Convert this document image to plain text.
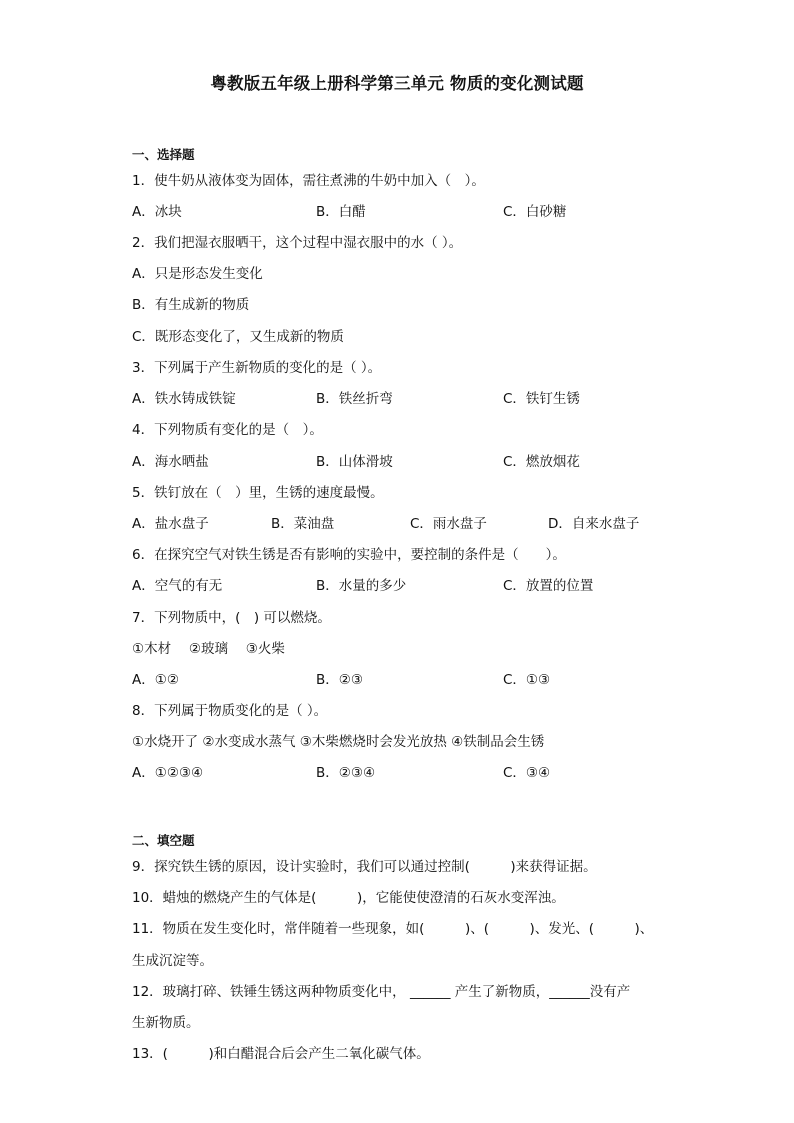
粤教版五年级上册科学第三单元 物质的变化测试题
一、选择题
1．使牛奶从液体变为固体，需往煮沸的牛奶中加入（　）。
A．冰块	B．白醋	C．白砂糖
2．我们把湿衣服晒干，这个过程中湿衣服中的水（ ）。
A．只是形态发生变化
B．有生成新的物质
C．既形态变化了，又生成新的物质
3．下列属于产生新物质的变化的是（ ）。
A．铁水铸成铁锭	B．铁丝折弯	C．铁钉生锈
4．下列物质有变化的是（　）。
A．海水晒盐	B．山体滑坡	C．燃放烟花
5．铁钉放在（　）里，生锈的速度最慢。
A．盐水盘子	B．菜油盘	C．雨水盘子	D．自来水盘子
6．在探究空气对铁生锈是否有影响的实验中，要控制的条件是（　　）。
A．空气的有无	B．水量的多少	C．放置的位置
7．下列物质中，(　) 可以燃烧。
①木材　 ②玻璃　 ③火柴
A．①②	B．②③	C．①③
8．下列属于物质变化的是（ ）。
①水烧开了 ②水变成水蒸气 ③木柴燃烧时会发光放热 ④铁制品会生锈
A．①②③④	B．②③④	C．③④
二、填空题
9．探究铁生锈的原因，设计实验时，我们可以通过控制(　　　)来获得证据。
10．蜡烛的燃烧产生的气体是(　　　)，它能使使澄清的石灰水变浑浊。
11．物质在发生变化时，常伴随着一些现象，如(　　　)、(　　　)、发光、(　　　)、
生成沉淀等。
12．玻璃打碎、铁锤生锈这两种物质变化中， ______ 产生了新物质，______没有产
生新物质。
13．(　　　)和白醋混合后会产生二氧化碳气体。
